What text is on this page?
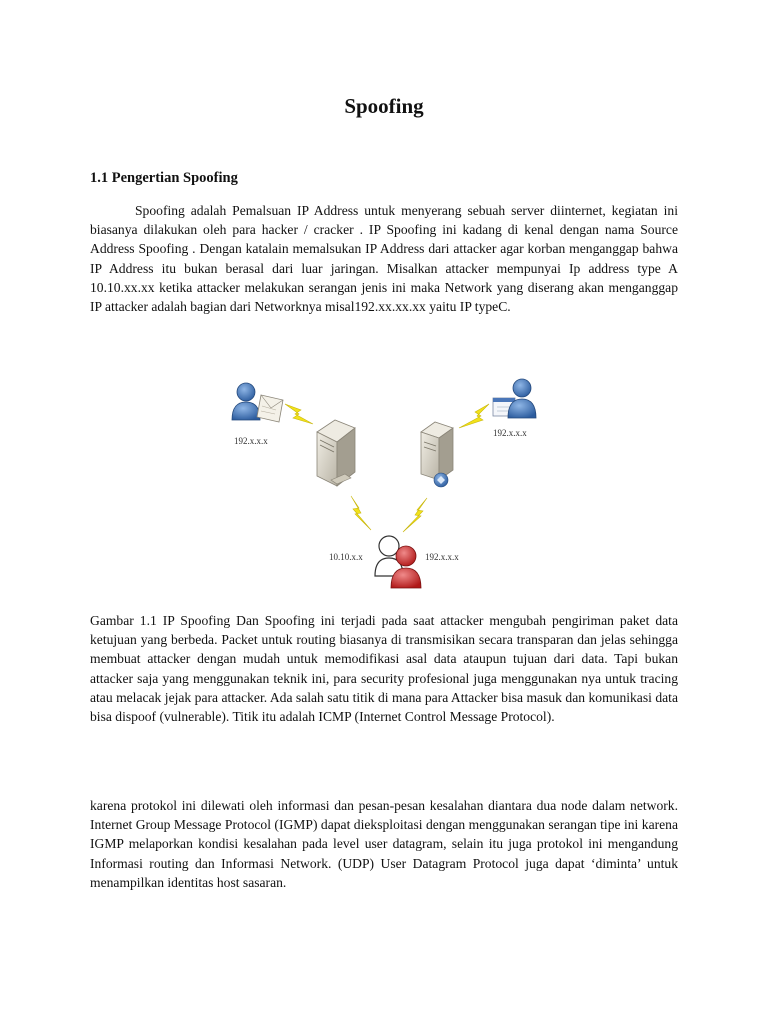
Spoofing
1.1 Pengertian Spoofing

Spoofing adalah Pemalsuan IP Address untuk menyerang sebuah server diinternet, kegiatan ini biasanya dilakukan oleh para hacker / cracker . IP Spoofing ini kadang di kenal dengan nama Source Address Spoofing . Dengan katalain memalsukan IP Address dari attacker agar korban menganggap bahwa IP Address itu bukan berasal dari luar jaringan. Misalkan attacker mempunyai Ip address type A 10.10.xx.xx ketika attacker melakukan serangan jenis ini maka Network yang diserang akan menganggap IP attacker adalah bagian dari Networknya misal192.xx.xx.xx yaitu IP typeC.

192.x.x.x
192.x.x.x
10.10.x.x	192.x.x.x

Gambar 1.1 IP Spoofing Dan Spoofing ini terjadi pada saat attacker mengubah pengiriman paket data ketujuan yang berbeda. Packet untuk routing biasanya di transmisikan secara transparan dan jelas sehingga membuat attacker dengan mudah untuk memodifikasi asal data ataupun tujuan dari data. Tapi bukan attacker saja yang menggunakan teknik ini, para security profesional juga menggunakan nya untuk tracing atau melacak jejak para attacker. Ada salah satu titik di mana para Attacker bisa masuk dan komunikasi data bisa dispoof (vulnerable). Titik itu adalah ICMP (Internet Control Message Protocol).

karena protokol ini dilewati oleh informasi dan pesan-pesan kesalahan diantara dua node dalam network. Internet Group Message Protocol (IGMP) dapat dieksploitasi dengan menggunakan serangan tipe ini karena IGMP melaporkan kondisi kesalahan pada level user datagram, selain itu juga protokol ini mengandung Informasi routing dan Informasi Network. (UDP) User Datagram Protocol juga dapat ‘diminta’ untuk menampilkan identitas host sasaran.
